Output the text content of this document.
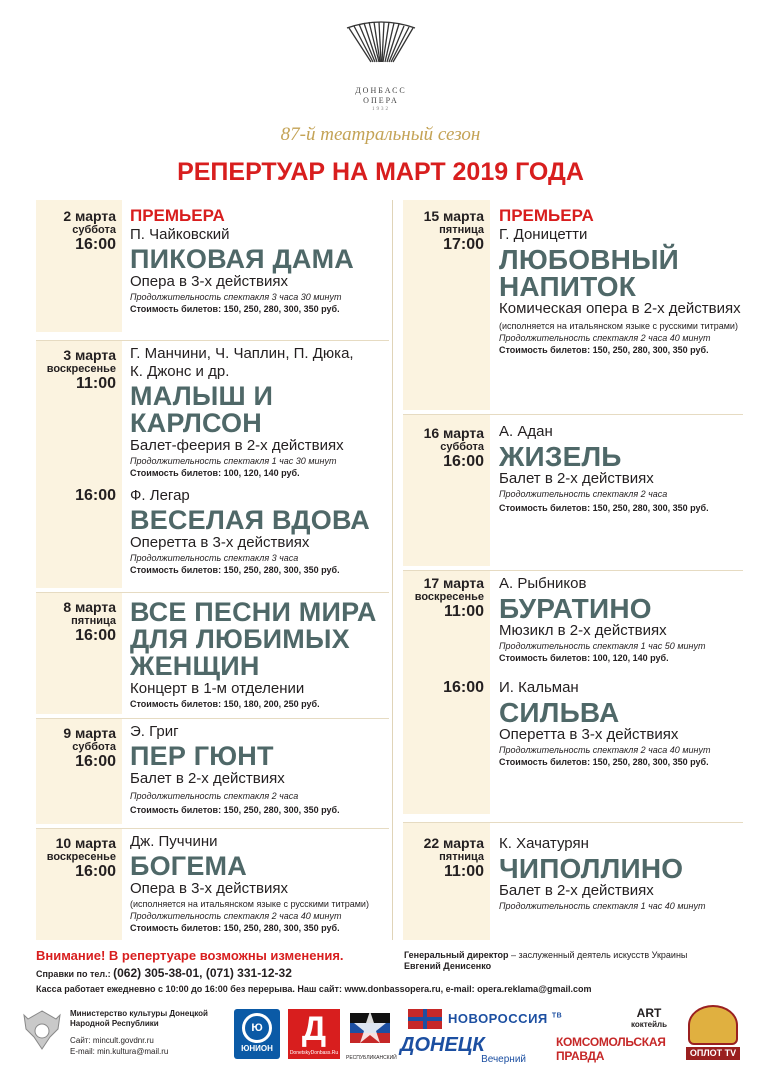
ДОНБАСС
ОПЕРА
1932
87-й театральный сезон
РЕПЕРТУАР НА МАРТ 2019 ГОДА
2 марта
суббота
16:00
ПРЕМЬЕРА
П. Чайковский
ПИКОВАЯ ДАМА
Опера в 3-х действиях
Продолжительность спектакля 3 часа 30 минут
Стоимость билетов: 150, 250, 280, 300, 350 руб.
3 марта
воскресенье
11:00
16:00
Г. Манчини, Ч. Чаплин, П. Дюка,
К. Джонс и др.
МАЛЫШ И
КАРЛСОН
Балет-феерия в 2-х действиях
Продолжительность спектакля 1 час 30 минут
Стоимость билетов: 100, 120, 140 руб.
Ф. Легар
ВЕСЕЛАЯ ВДОВА
Оперетта в 3-х действиях
Продолжительность спектакля 3 часа
Стоимость билетов: 150, 250, 280, 300, 350 руб.
8 марта
пятница
16:00
ВСЕ ПЕСНИ МИРА
ДЛЯ ЛЮБИМЫХ
ЖЕНЩИН
Концерт в 1-м отделении
Стоимость билетов: 150, 180, 200, 250 руб.
9 марта
суббота
16:00
Э. Григ
ПЕР ГЮНТ
Балет в 2-х действиях
Продолжительность спектакля 2 часа
Стоимость билетов: 150, 250, 280, 300, 350 руб.
10 марта
воскресенье
16:00
Дж. Пуччини
БОГЕМА
Опера в 3-х действиях
(исполняется на итальянском языке с русскими титрами)
Продолжительность спектакля 2 часа 40 минут
Стоимость билетов: 150, 250, 280, 300, 350 руб.
15 марта
пятница
17:00
ПРЕМЬЕРА
Г. Доницетти
ЛЮБОВНЫЙ
НАПИТОК
Комическая опера в 2-х действиях
(исполняется на итальянском языке с русскими титрами)
Продолжительность спектакля 2 часа 40 минут
Стоимость билетов: 150, 250, 280, 300, 350 руб.
16 марта
суббота
16:00
А. Адан
ЖИЗЕЛЬ
Балет в 2-х действиях
Продолжительность спектакля 2 часа
Стоимость билетов: 150, 250, 280, 300, 350 руб.
17 марта
воскресенье
11:00
16:00
А. Рыбников
БУРАТИНО
Мюзикл в 2-х действиях
Продолжительность спектакля 1 час 50 минут
Стоимость билетов: 100, 120, 140 руб.
И. Кальман
СИЛЬВА
Оперетта в 3-х действиях
Продолжительность спектакля 2 часа 40 минут
Стоимость билетов: 150, 250, 280, 300, 350 руб.
22 марта
пятница
11:00
К. Хачатурян
ЧИПОЛЛИНО
Балет в 2-х действиях
Продолжительность спектакля 1 час 40 минут
Внимание! В репертуаре возможны изменения.
Справки по тел.: (062) 305-38-01, (071) 331-12-32
Генеральный директор – заслуженный деятель искусств Украины Евгений Денисенко
Касса работает ежедневно с 10:00 до 16:00 без перерыва. Наш сайт: www.donbassopera.ru, e-mail: opera.reklama@gmail.com
Министерство культуры Донецкой Народной Республики
Сайт: mincult.govdnr.ru
E-mail: min.kultura@mail.ru
Ю
ЮНИОН
Д
DonetskyDonbass.Ru
РЕСПУБЛИКАНСКИЙ
НОВОРОССИЯ $^{ТВ}$
ДОНЕЦК
Вечерний
КОМСОМОЛЬСКАЯ ПРАВДА
ART
коктейль
ОПЛОТ TV
